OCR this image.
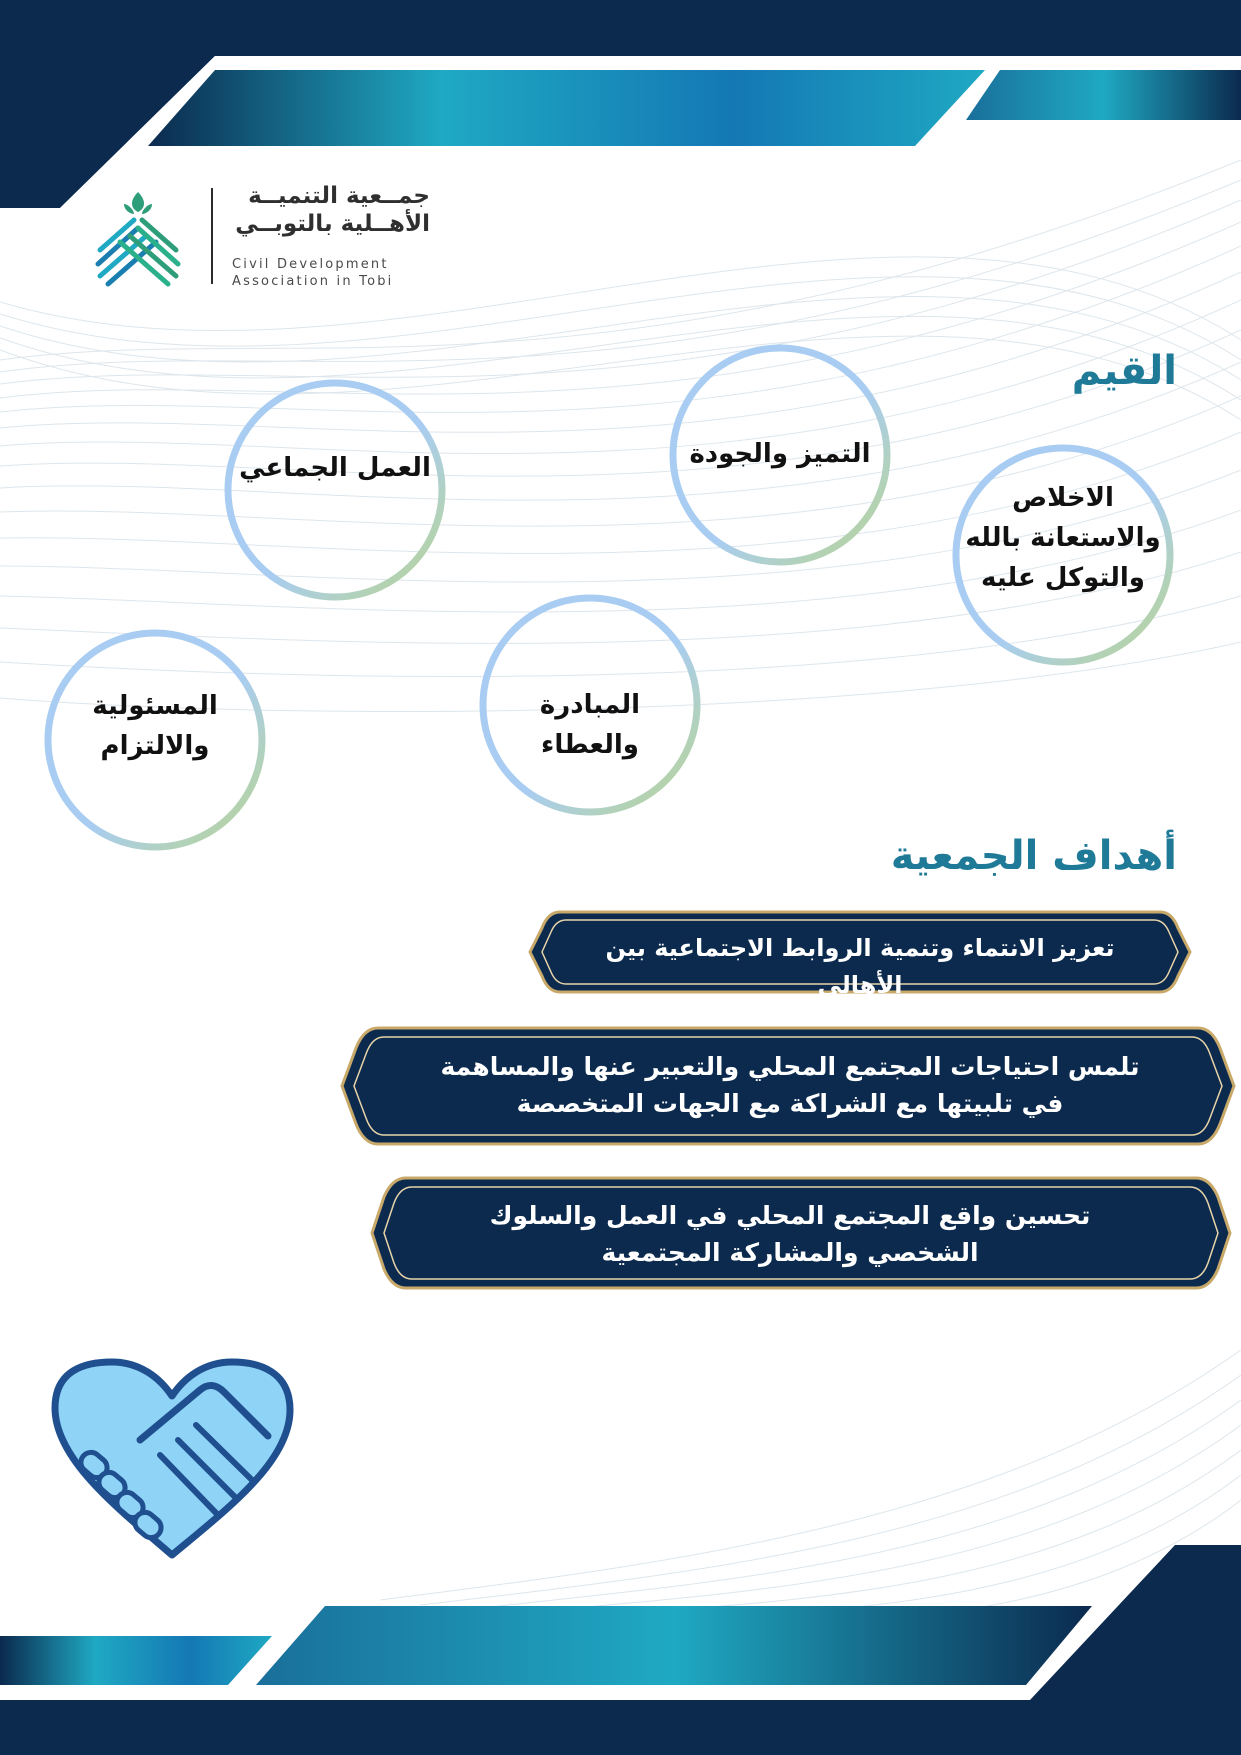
جمــعية التنميــة
الأهــلية بالتوبــي
Civil Development
Association in Tobi
القيم
الاخلاص والاستعانة بالله والتوكل عليه
التميز والجودة
العمل الجماعي
المبادرة والعطاء
المسئولية والالتزام
أهداف الجمعية
تعزيز الانتماء وتنمية الروابط الاجتماعية بين الأهالي
تلمس احتياجات المجتمع المحلي والتعبير عنها والمساهمة في تلبيتها مع الشراكة مع الجهات المتخصصة
تحسين واقع المجتمع المحلي في العمل والسلوك الشخصي والمشاركة المجتمعية
